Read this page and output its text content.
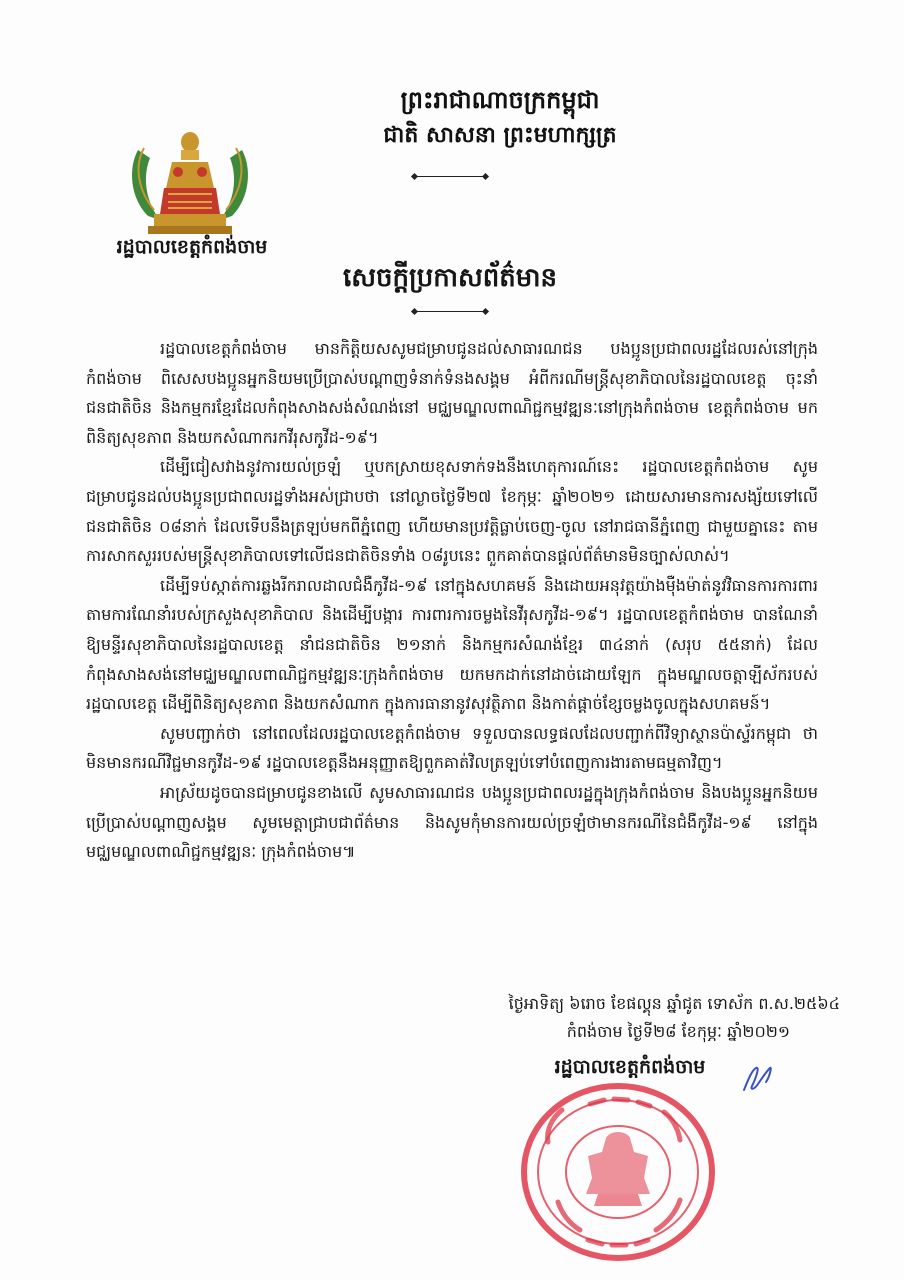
ព្រះរាជាណាចក្រកម្ពុជា
ជាតិ សាសនា ព្រះមហាក្សត្រ
រដ្ឋបាលខេត្តកំពង់ចាម
សេចក្ដីប្រកាសព័ត៌មាន

រដ្ឋបាលខេត្តកំពង់ចាម មានកិត្តិយសសូមជម្រាបជូនដល់សាធារណជន បងប្អូនប្រជាពលរដ្ឋដែលរស់នៅក្រុងកំពង់ចាម ពិសេសបងប្អូនអ្នកនិយមប្រើប្រាស់បណ្ដាញទំនាក់ទំនងសង្គម អំពីករណីមន្ត្រីសុខាភិបាលនៃរដ្ឋបាលខេត្ត ចុះនាំជនជាតិចិន និងកម្មករខ្មែរដែលកំពុងសាងសង់សំណង់នៅ មជ្ឈមណ្ឌលពាណិជ្ជកម្មវឌ្ឍនៈនៅក្រុងកំពង់ចាម ខេត្តកំពង់ចាម មកពិនិត្យសុខភាព និងយកសំណាករកវីរុសកូវីដ-១៩។

ដើម្បីជៀសវាងនូវការយល់ច្រឡំ ឬបកស្រាយខុសទាក់ទងនឹងហេតុការណ៍នេះ រដ្ឋបាលខេត្តកំពង់ចាម សូមជម្រាបជូនដល់បងប្អូនប្រជាពលរដ្ឋទាំងអស់ជ្រាបថា នៅល្ងាចថ្ងៃទី២៧ ខែកុម្ភៈ ឆ្នាំ២០២១ ដោយសារមានការសង្ស័យទៅលើជនជាតិចិន ០៨នាក់ ដែលទើបនឹងត្រឡប់មកពីភ្នំពេញ ហើយមានប្រវត្តិធ្លាប់ចេញ-ចូល នៅរាជធានីភ្នំពេញ ជាមួយគ្នានេះ តាមការសាកសួររបស់មន្ត្រីសុខាភិបាលទៅលើជនជាតិចិនទាំង ០៨រូបនេះ ពួកគាត់បានផ្ដល់ព័ត៌មានមិនច្បាស់លាស់។

ដើម្បីទប់ស្កាត់ការឆ្លងរីករាលដាលជំងឺកូវីដ-១៩ នៅក្នុងសហគមន៍ និងដោយអនុវត្តយ៉ាងម៉ឺងម៉ាត់នូវវិធានការការពារតាមការណែនាំរបស់ក្រសួងសុខាភិបាល និងដើម្បីបង្ការ ការពារការចម្លងនៃវីរុសកូវីដ-១៩។ រដ្ឋបាលខេត្តកំពង់ចាម បានណែនាំឱ្យមន្ទីរសុខាភិបាលនៃរដ្ឋបាលខេត្ត នាំជនជាតិចិន ២១នាក់ និងកម្មករសំណង់ខ្មែរ ៣៤នាក់ (សរុប ៥៥នាក់) ដែលកំពុងសាងសង់នៅមជ្ឈមណ្ឌលពាណិជ្ជកម្មវឌ្ឍនៈក្រុងកំពង់ចាម យកមកដាក់នៅដាច់ដោយឡែក ក្នុងមណ្ឌលចត្តាឡីស័ករបស់រដ្ឋបាលខេត្ត ដើម្បីពិនិត្យសុខភាព និងយកសំណាក ក្នុងការធានានូវសុវត្ថិភាព និងកាត់ផ្ដាច់ខ្សែចម្លងចូលក្នុងសហគមន៍។

សូមបញ្ជាក់ថា នៅពេលដែលរដ្ឋបាលខេត្តកំពង់ចាម ទទួលបានលទ្ធផលដែលបញ្ជាក់ពីវិទ្យាស្ថានប៉ាស្ទ័រកម្ពុជា ថាមិនមានករណីវិជ្ជមានកូវីដ-១៩ រដ្ឋបាលខេត្តនឹងអនុញ្ញាតឱ្យពួកគាត់វិលត្រឡប់ទៅបំពេញការងារតាមធម្មតាវិញ។

អាស្រ័យដូចបានជម្រាបជូនខាងលើ សូមសាធារណជន បងប្អូនប្រជាពលរដ្ឋក្នុងក្រុងកំពង់ចាម និងបងប្អូនអ្នកនិយមប្រើប្រាស់បណ្ដាញសង្គម សូមមេត្តាជ្រាបជាព័ត៌មាន និងសូមកុំមានការយល់ច្រឡំថាមានករណីនៃជំងឺកូវីដ-១៩ នៅក្នុងមជ្ឈមណ្ឌលពាណិជ្ជកម្មវឌ្ឍនៈ ក្រុងកំពង់ចាម៕

ថ្ងៃអាទិត្យ ៦រោច ខែផល្គុន ឆ្នាំជូត ទោស័ក ព.ស.២៥៦៤
កំពង់ចាម ថ្ងៃទី២៨ ខែកុម្ភៈ ឆ្នាំ២០២១
រដ្ឋបាលខេត្តកំពង់ចាម
